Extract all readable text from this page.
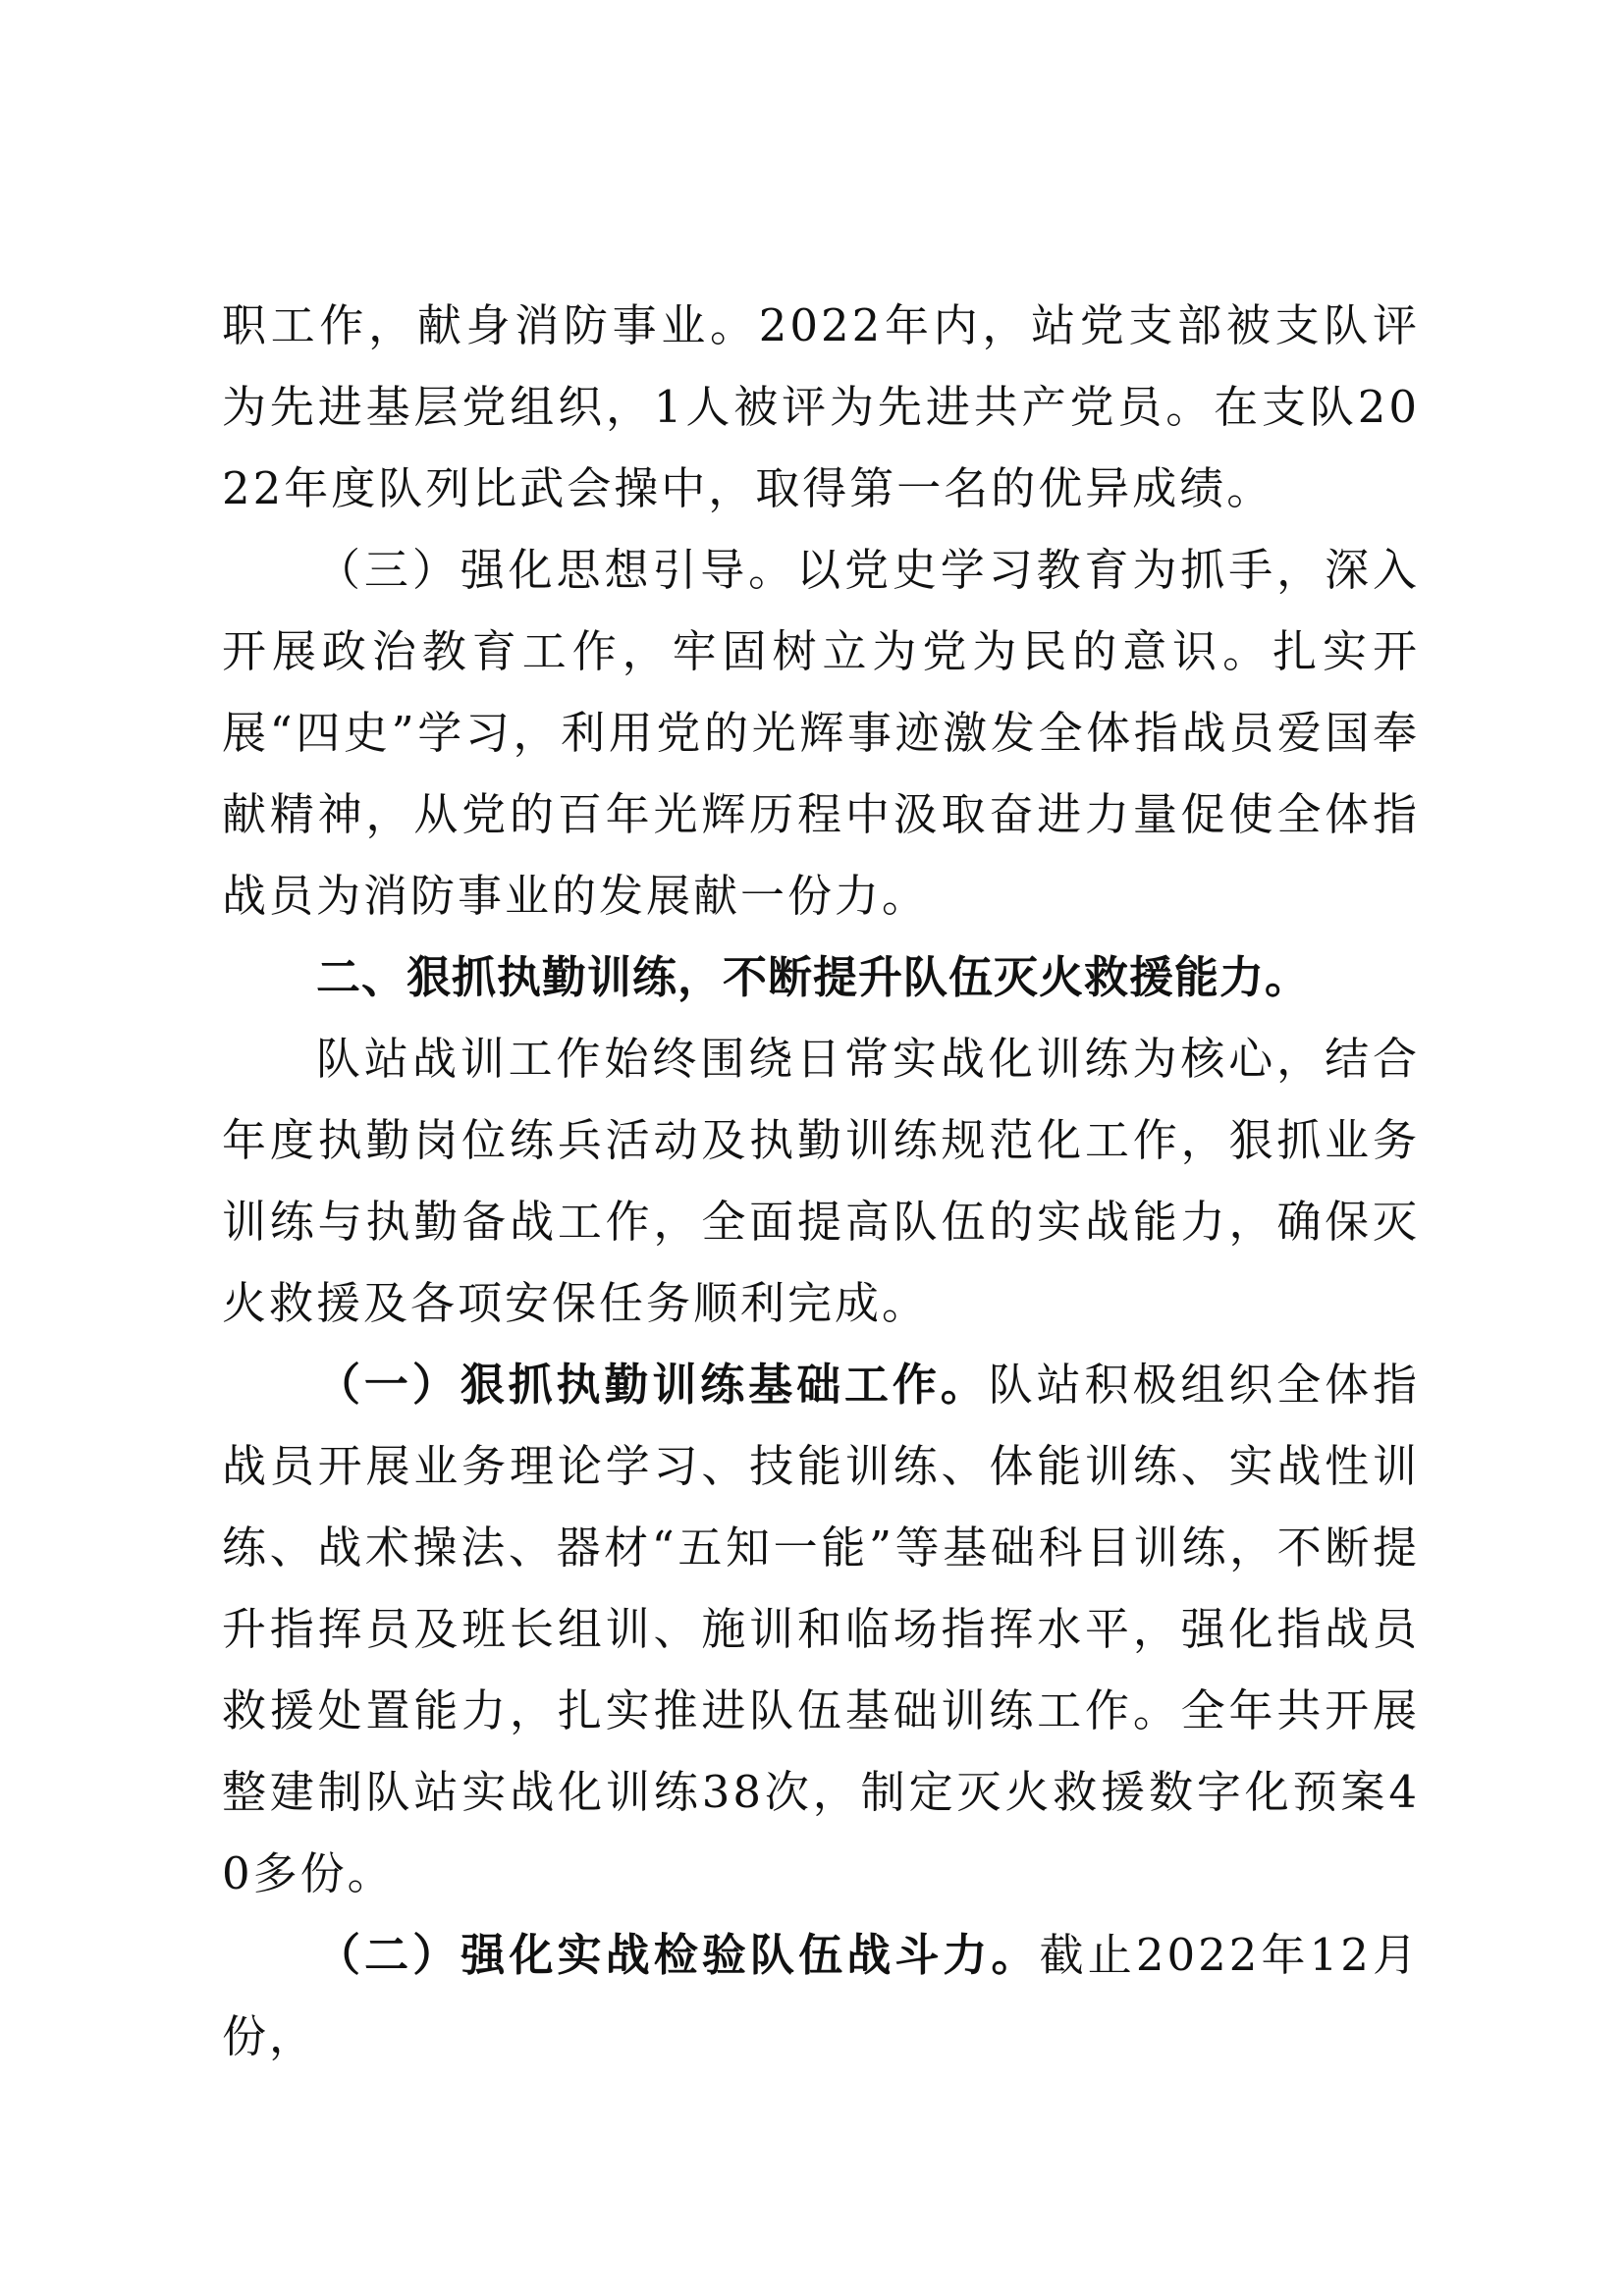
职工作，献身消防事业。2022年内，站党支部被支队评为先进基层党组织，1人被评为先进共产党员。在支队2022年度队列比武会操中，取得第一名的优异成绩。

（三）强化思想引导。以党史学习教育为抓手，深入开展政治教育工作，牢固树立为党为民的意识。扎实开展“四史”学习，利用党的光辉事迹激发全体指战员爱国奉献精神，从党的百年光辉历程中汲取奋进力量促使全体指战员为消防事业的发展献一份力。

二、狠抓执勤训练，不断提升队伍灭火救援能力。

队站战训工作始终围绕日常实战化训练为核心，结合年度执勤岗位练兵活动及执勤训练规范化工作，狠抓业务训练与执勤备战工作，全面提高队伍的实战能力，确保灭火救援及各项安保任务顺利完成。

（一）狠抓执勤训练基础工作。队站积极组织全体指战员开展业务理论学习、技能训练、体能训练、实战性训练、战术操法、器材“五知一能”等基础科目训练，不断提升指挥员及班长组训、施训和临场指挥水平，强化指战员救援处置能力，扎实推进队伍基础训练工作。全年共开展整建制队站实战化训练38次，制定灭火救援数字化预案40多份。

（二）强化实战检验队伍战斗力。截止2022年12月份，
